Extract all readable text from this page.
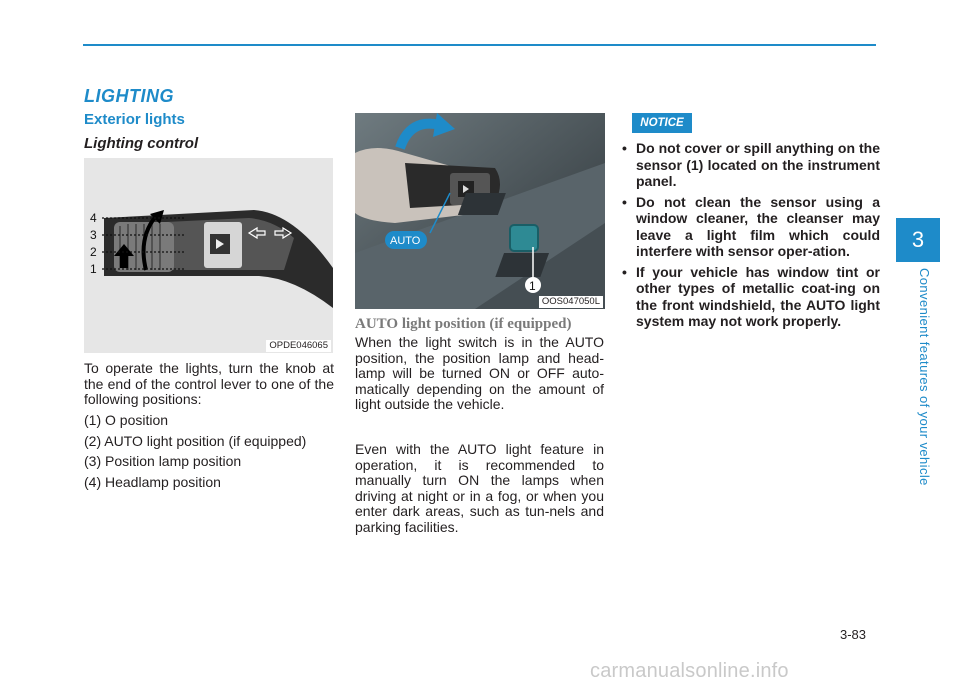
LIGHTING
Exterior lights
Lighting control
4
3
2
1
OPDE046065
To operate the lights, turn the knob at the end of the control lever to one of the following positions:
(1) O position
(2) AUTO light position (if equipped)
(3) Position lamp position
(4) Headlamp position
1
AUTO
OOS047050L
AUTO light position (if equipped)
When the light switch is in the AUTO position, the position lamp and head-lamp will be turned ON or OFF auto-matically depending on the amount of light outside the vehicle.
Even with the AUTO light feature in operation, it is recommended to manually turn ON the lamps when driving at night or in a fog, or when you enter dark areas, such as tun-nels and parking facilities.
NOTICE
• Do not cover or spill anything on the sensor (1) located on the instrument panel.
• Do not clean the sensor using a window cleaner, the cleanser may leave a light film which could interfere with sensor oper-ation.
• If your vehicle has window tint or other types of metallic coat-ing on the front windshield, the AUTO light system may not work properly.
3
Convenient features of your vehicle
3-83
carmanualsonline.info
